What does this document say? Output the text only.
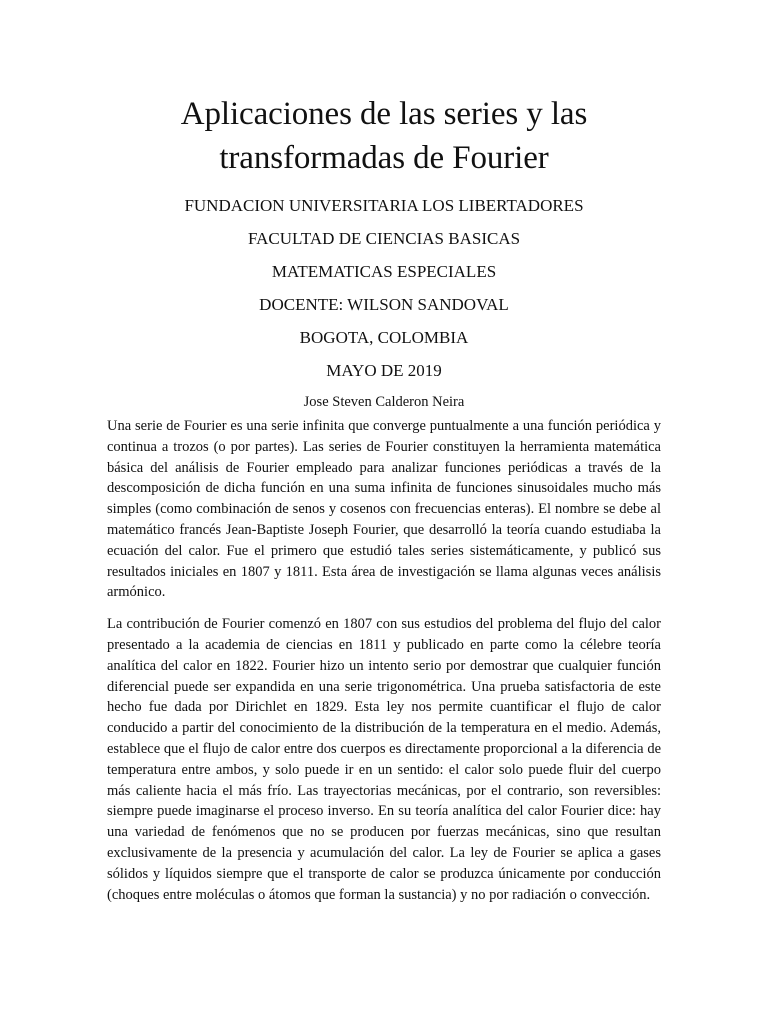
Aplicaciones de las series y las
transformadas de Fourier

FUNDACION UNIVERSITARIA LOS LIBERTADORES

FACULTAD DE CIENCIAS BASICAS

MATEMATICAS ESPECIALES

DOCENTE: WILSON SANDOVAL

BOGOTA, COLOMBIA

MAYO DE 2019

Jose Steven Calderon Neira

Una serie de Fourier es una serie infinita que converge puntualmente a una función periódica y continua a trozos (o por partes). Las series de Fourier constituyen la herramienta matemática básica del análisis de Fourier empleado para analizar funciones periódicas a través de la descomposición de dicha función en una suma infinita de funciones sinusoidales mucho más simples (como combinación de senos y cosenos con frecuencias enteras). El nombre se debe al matemático francés Jean-Baptiste Joseph Fourier, que desarrolló la teoría cuando estudiaba la ecuación del calor. Fue el primero que estudió tales series sistemáticamente, y publicó sus resultados iniciales en 1807 y 1811. Esta área de investigación se llama algunas veces análisis armónico.

La contribución de Fourier comenzó en 1807 con sus estudios del problema del flujo del calor presentado a la academia de ciencias en 1811 y publicado en parte como la célebre teoría analítica del calor en 1822. Fourier hizo un intento serio por demostrar que cualquier función diferencial puede ser expandida en una serie trigonométrica. Una prueba satisfactoria de este hecho fue dada por Dirichlet en 1829. Esta ley nos permite cuantificar el flujo de calor conducido a partir del conocimiento de la distribución de la temperatura en el medio. Además, establece que el flujo de calor entre dos cuerpos es directamente proporcional a la diferencia de temperatura entre ambos, y solo puede ir en un sentido: el calor solo puede fluir del cuerpo más caliente hacia el más frío. Las trayectorias mecánicas, por el contrario, son reversibles: siempre puede imaginarse el proceso inverso. En su teoría analítica del calor Fourier dice: hay una variedad de fenómenos que no se producen por fuerzas mecánicas, sino que resultan exclusivamente de la presencia y acumulación del calor. La ley de Fourier se aplica a gases sólidos y líquidos siempre que el transporte de calor se produzca únicamente por conducción (choques entre moléculas o átomos que forman la sustancia) y no por radiación o convección.
